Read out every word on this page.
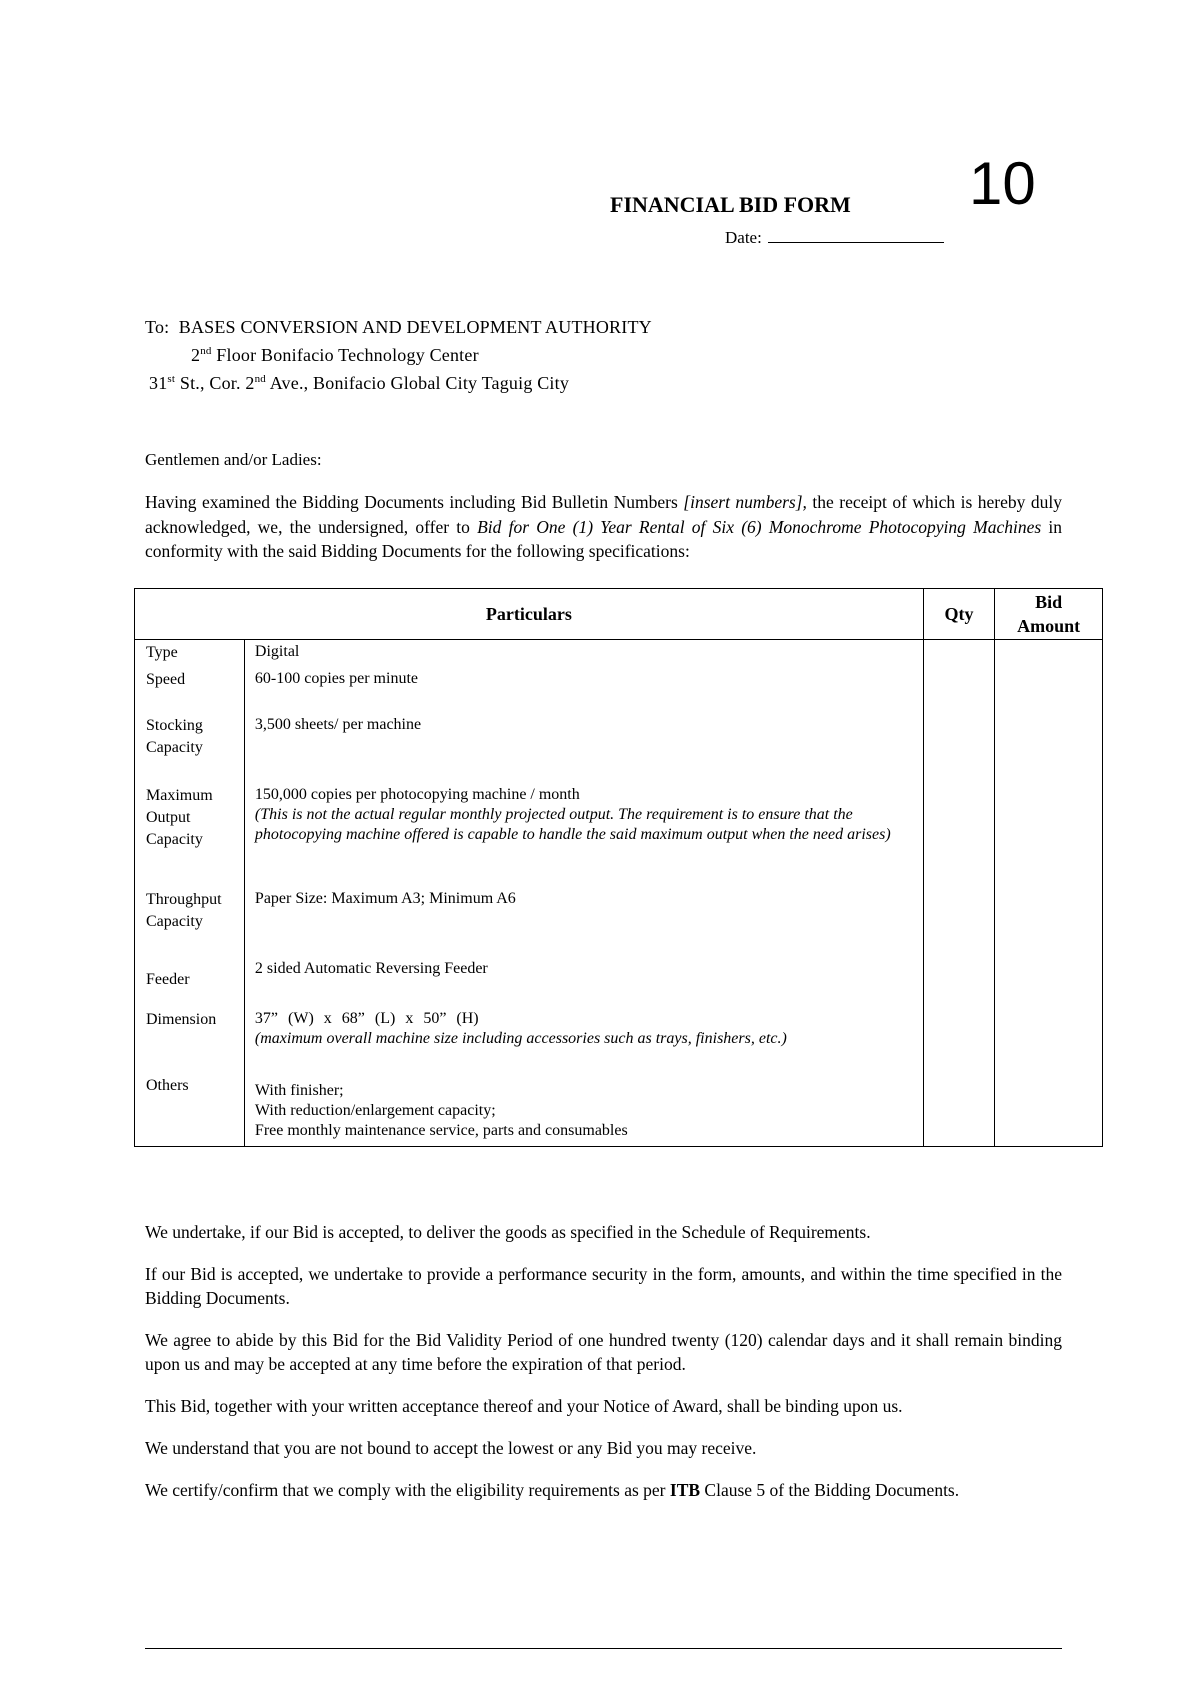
FINANCIAL BID FORM 10
Date:
To: BASES CONVERSION AND DEVELOPMENT AUTHORITY
2nd Floor Bonifacio Technology Center
31st St., Cor. 2nd Ave., Bonifacio Global City Taguig City
Gentlemen and/or Ladies:
Having examined the Bidding Documents including Bid Bulletin Numbers [insert numbers], the receipt of which is hereby duly acknowledged, we, the undersigned, offer to Bid for One (1) Year Rental of Six (6) Monochrome Photocopying Machines in conformity with the said Bidding Documents for the following specifications:
Particulars		Qty	Bid
Amount
Type	Digital		
Speed	60-100 copies per minute		
Stocking Capacity	3,500 sheets/ per machine		
Maximum Output Capacity	150,000 copies per photocopying machine / month
(This is not the actual regular monthly projected output. The requirement is to ensure that the photocopying machine offered is capable to handle the said maximum output when the need arises)		

Throughput Capacity	Paper Size: Maximum A3; Minimum A6		
Feeder	2 sided Automatic Reversing Feeder		
Dimension	37” (W) x 68” (L) x 50” (H)
(maximum overall machine size including accessories such as trays, finishers, etc.)		

Others	With finisher;
With reduction/enlargement capacity;
Free monthly maintenance service, parts and consumables		

We undertake, if our Bid is accepted, to deliver the goods as specified in the Schedule of Requirements.

If our Bid is accepted, we undertake to provide a performance security in the form, amounts, and within the time specified in the Bidding Documents.

We agree to abide by this Bid for the Bid Validity Period of one hundred twenty (120) calendar days and it shall remain binding upon us and may be accepted at any time before the expiration of that period.

This Bid, together with your written acceptance thereof and your Notice of Award, shall be binding upon us.

We understand that you are not bound to accept the lowest or any Bid you may receive.

We certify/confirm that we comply with the eligibility requirements as per ITB Clause 5 of the Bidding Documents.
